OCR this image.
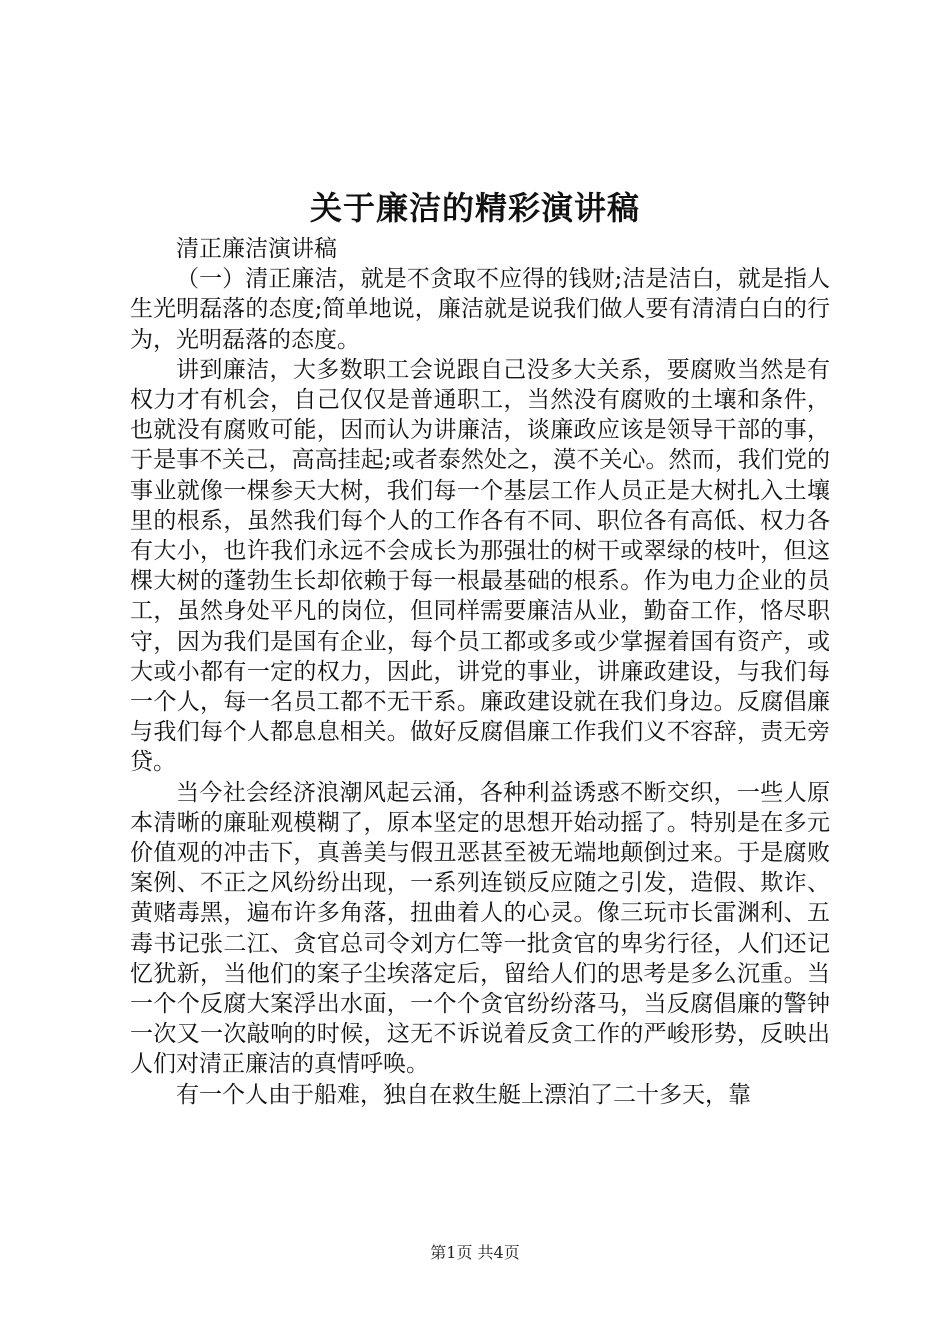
关于廉洁的精彩演讲稿

清正廉洁演讲稿

（一）清正廉洁，就是不贪取不应得的钱财;洁是洁白，就是指人生光明磊落的态度;简单地说，廉洁就是说我们做人要有清清白白的行为，光明磊落的态度。

讲到廉洁，大多数职工会说跟自己没多大关系，要腐败当然是有权力才有机会，自己仅仅是普通职工，当然没有腐败的土壤和条件，也就没有腐败可能，因而认为讲廉洁，谈廉政应该是领导干部的事，于是事不关己，高高挂起;或者泰然处之，漠不关心。然而，我们党的事业就像一棵参天大树，我们每一个基层工作人员正是大树扎入土壤里的根系，虽然我们每个人的工作各有不同、职位各有高低、权力各有大小，也许我们永远不会成长为那强壮的树干或翠绿的枝叶，但这棵大树的蓬勃生长却依赖于每一根最基础的根系。作为电力企业的员工，虽然身处平凡的岗位，但同样需要廉洁从业，勤奋工作，恪尽职守，因为我们是国有企业，每个员工都或多或少掌握着国有资产，或大或小都有一定的权力，因此，讲党的事业，讲廉政建设，与我们每一个人，每一名员工都不无干系。廉政建设就在我们身边。反腐倡廉与我们每个人都息息相关。做好反腐倡廉工作我们义不容辞，责无旁贷。

当今社会经济浪潮风起云涌，各种利益诱惑不断交织，一些人原本清晰的廉耻观模糊了，原本坚定的思想开始动摇了。特别是在多元价值观的冲击下，真善美与假丑恶甚至被无端地颠倒过来。于是腐败案例、不正之风纷纷出现，一系列连锁反应随之引发，造假、欺诈、黄赌毒黑，遍布许多角落，扭曲着人的心灵。像三玩市长雷渊利、五毒书记张二江、贪官总司令刘方仁等一批贪官的卑劣行径，人们还记忆犹新，当他们的案子尘埃落定后，留给人们的思考是多么沉重。当一个个反腐大案浮出水面，一个个贪官纷纷落马，当反腐倡廉的警钟一次又一次敲响的时候，这无不诉说着反贪工作的严峻形势，反映出人们对清正廉洁的真情呼唤。

有一个人由于船难，独自在救生艇上漂泊了二十多天，靠

第1页 共4页
